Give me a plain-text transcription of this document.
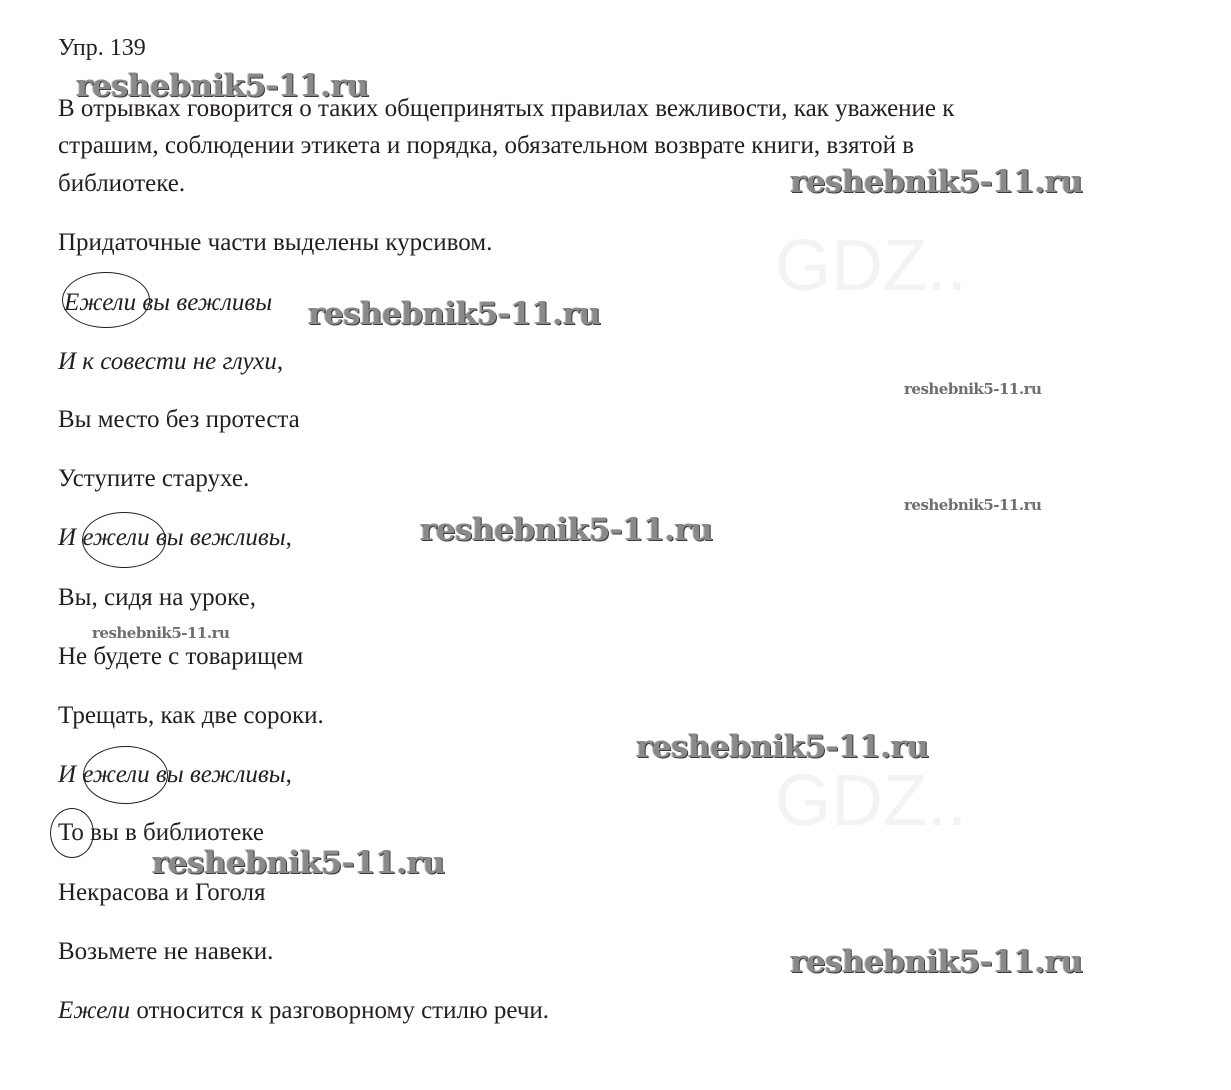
GDZ..
GDZ..
Упр. 139
В отрывках говорится о таких общепринятых правилах вежливости, как уважение к
страшим, соблюдении этикета и порядка, обязательном возврате книги, взятой в
библиотеке.
Придаточные части выделены курсивом.
Ежели вы вежливы
И к совести не глухи,
Вы место без протеста
Уступите старухе.
И ежели вы вежливы,
Вы, сидя на уроке,
Не будете с товарищем
Трещать, как две сороки.
И ежели вы вежливы,
То вы в библиотеке
Некрасова и Гоголя
Возьмете не навеки.
Ежели относится к разговорному стилю речи.
reshebnik5-11.ru
reshebnik5-11.ru
reshebnik5-11.ru
reshebnik5-11.ru
reshebnik5-11.ru
reshebnik5-11.ru
reshebnik5-11.ru
reshebnik5-11.ru
reshebnik5-11.ru
reshebnik5-11.ru
